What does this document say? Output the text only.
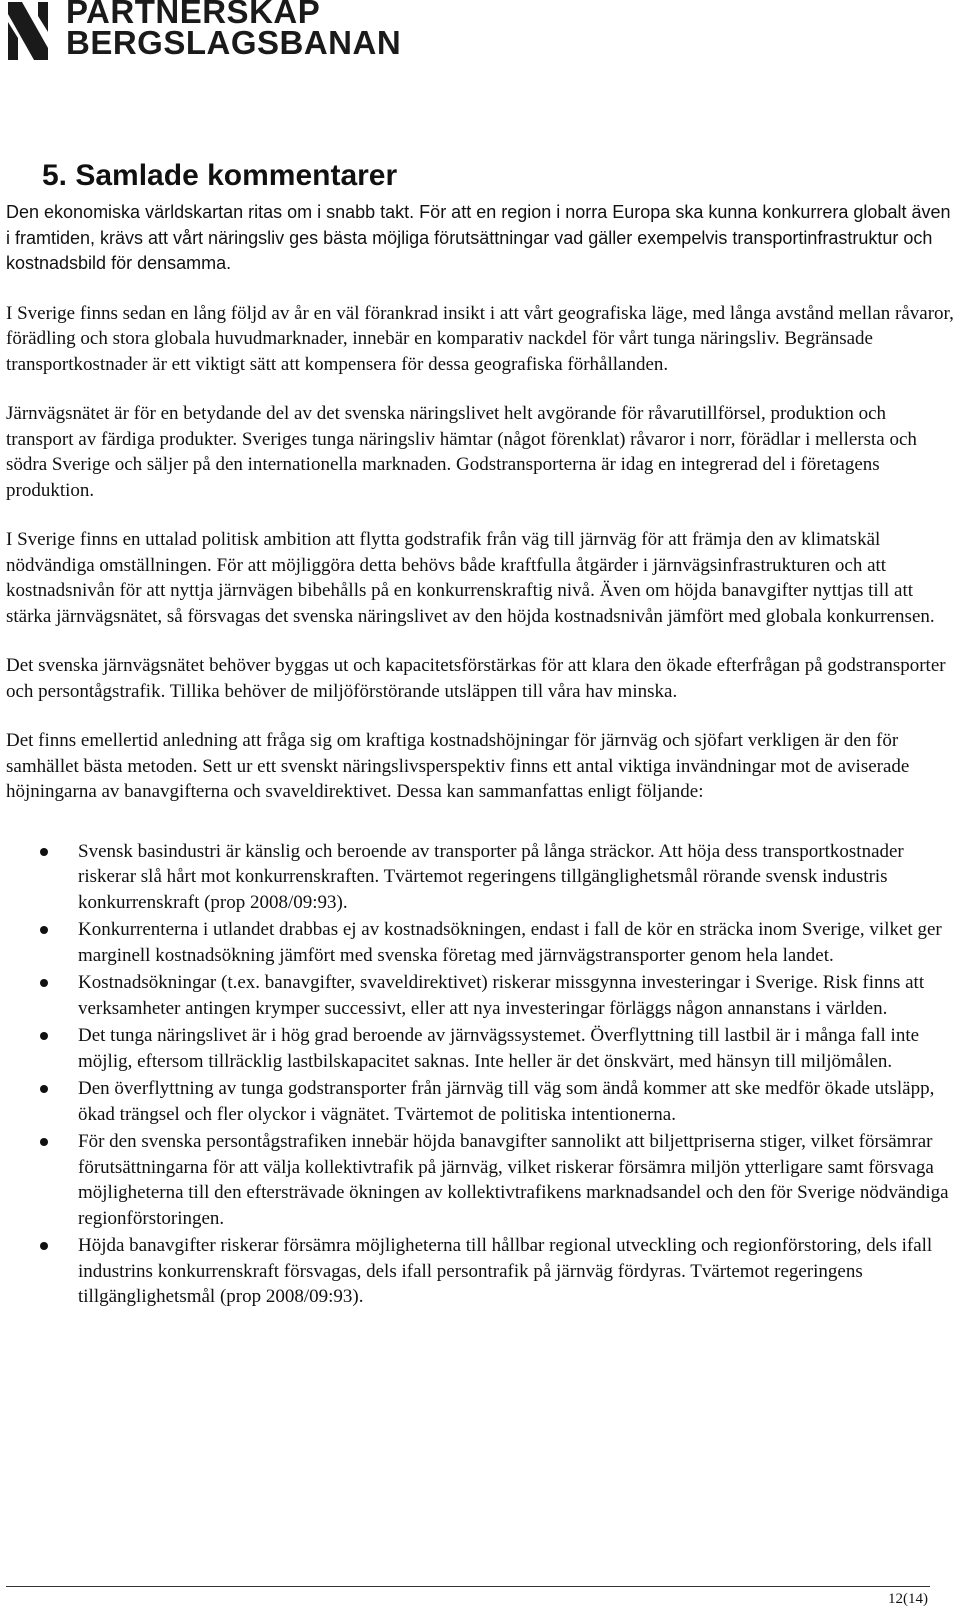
PARTNERSKAP
BERGSLAGSBANAN
5. Samlade kommentarer

Den ekonomiska världskartan ritas om i snabb takt. För att en region i norra Europa ska kunna konkurrera globalt även i framtiden, krävs att vårt näringsliv ges bästa möjliga förutsättningar vad gäller exempelvis transportinfrastruktur och kostnadsbild för densamma.

I Sverige finns sedan en lång följd av år en väl förankrad insikt i att vårt geografiska läge, med långa avstånd mellan råvaror, förädling och stora globala huvudmarknader, innebär en komparativ nackdel för vårt tunga näringsliv. Begränsade transportkostnader är ett viktigt sätt att kompensera för dessa geografiska förhållanden.

Järnvägsnätet är för en betydande del av det svenska näringslivet helt avgörande för råvarutillförsel, produktion och transport av färdiga produkter. Sveriges tunga näringsliv hämtar (något förenklat) råvaror i norr, förädlar i mellersta och södra Sverige och säljer på den internationella marknaden. Godstransporterna är idag en integrerad del i företagens produktion.

I Sverige finns en uttalad politisk ambition att flytta godstrafik från väg till järnväg för att främja den av klimatskäl nödvändiga omställningen. För att möjliggöra detta behövs både kraftfulla åtgärder i järnvägsinfrastrukturen och att kostnadsnivån för att nyttja järnvägen bibehålls på en konkurrenskraftig nivå. Även om höjda banavgifter nyttjas till att stärka järnvägsnätet, så försvagas det svenska näringslivet av den höjda kostnadsnivån jämfört med globala konkurrensen.

Det svenska järnvägsnätet behöver byggas ut och kapacitetsförstärkas för att klara den ökade efterfrågan på godstransporter och persontågstrafik. Tillika behöver de miljöförstörande utsläppen till våra hav minska.

Det finns emellertid anledning att fråga sig om kraftiga kostnadshöjningar för järnväg och sjöfart verkligen är den för samhället bästa metoden. Sett ur ett svenskt näringslivsperspektiv finns ett antal viktiga invändningar mot de aviserade höjningarna av banavgifterna och svaveldirektivet. Dessa kan sammanfattas enligt följande:

Svensk basindustri är känslig och beroende av transporter på långa sträckor. Att höja dess transportkostnader riskerar slå hårt mot konkurrenskraften. Tvärtemot regeringens tillgänglighetsmål rörande svensk industris konkurrenskraft (prop 2008/09:93).
Konkurrenterna i utlandet drabbas ej av kostnadsökningen, endast i fall de kör en sträcka inom Sverige, vilket ger marginell kostnadsökning jämfört med svenska företag med järnvägstransporter genom hela landet.
Kostnadsökningar (t.ex. banavgifter, svaveldirektivet) riskerar missgynna investeringar i Sverige. Risk finns att verksamheter antingen krymper successivt, eller att nya investeringar förläggs någon annanstans i världen.
Det tunga näringslivet är i hög grad beroende av järnvägssystemet. Överflyttning till lastbil är i många fall inte möjlig, eftersom tillräcklig lastbilskapacitet saknas. Inte heller är det önskvärt, med hänsyn till miljömålen.
Den överflyttning av tunga godstransporter från järnväg till väg som ändå kommer att ske medför ökade utsläpp, ökad trängsel och fler olyckor i vägnätet. Tvärtemot de politiska intentionerna.
För den svenska persontågstrafiken innebär höjda banavgifter sannolikt att biljettpriserna stiger, vilket försämrar förutsättningarna för att välja kollektivtrafik på järnväg, vilket riskerar försämra miljön ytterligare samt försvaga möjligheterna till den eftersträvade ökningen av kollektivtrafikens marknadsandel och den för Sverige nödvändiga regionförstoringen.
Höjda banavgifter riskerar försämra möjligheterna till hållbar regional utveckling och regionförstoring, dels ifall industrins konkurrenskraft försvagas, dels ifall persontrafik på järnväg fördyras. Tvärtemot regeringens tillgänglighetsmål (prop 2008/09:93).
12(14)
